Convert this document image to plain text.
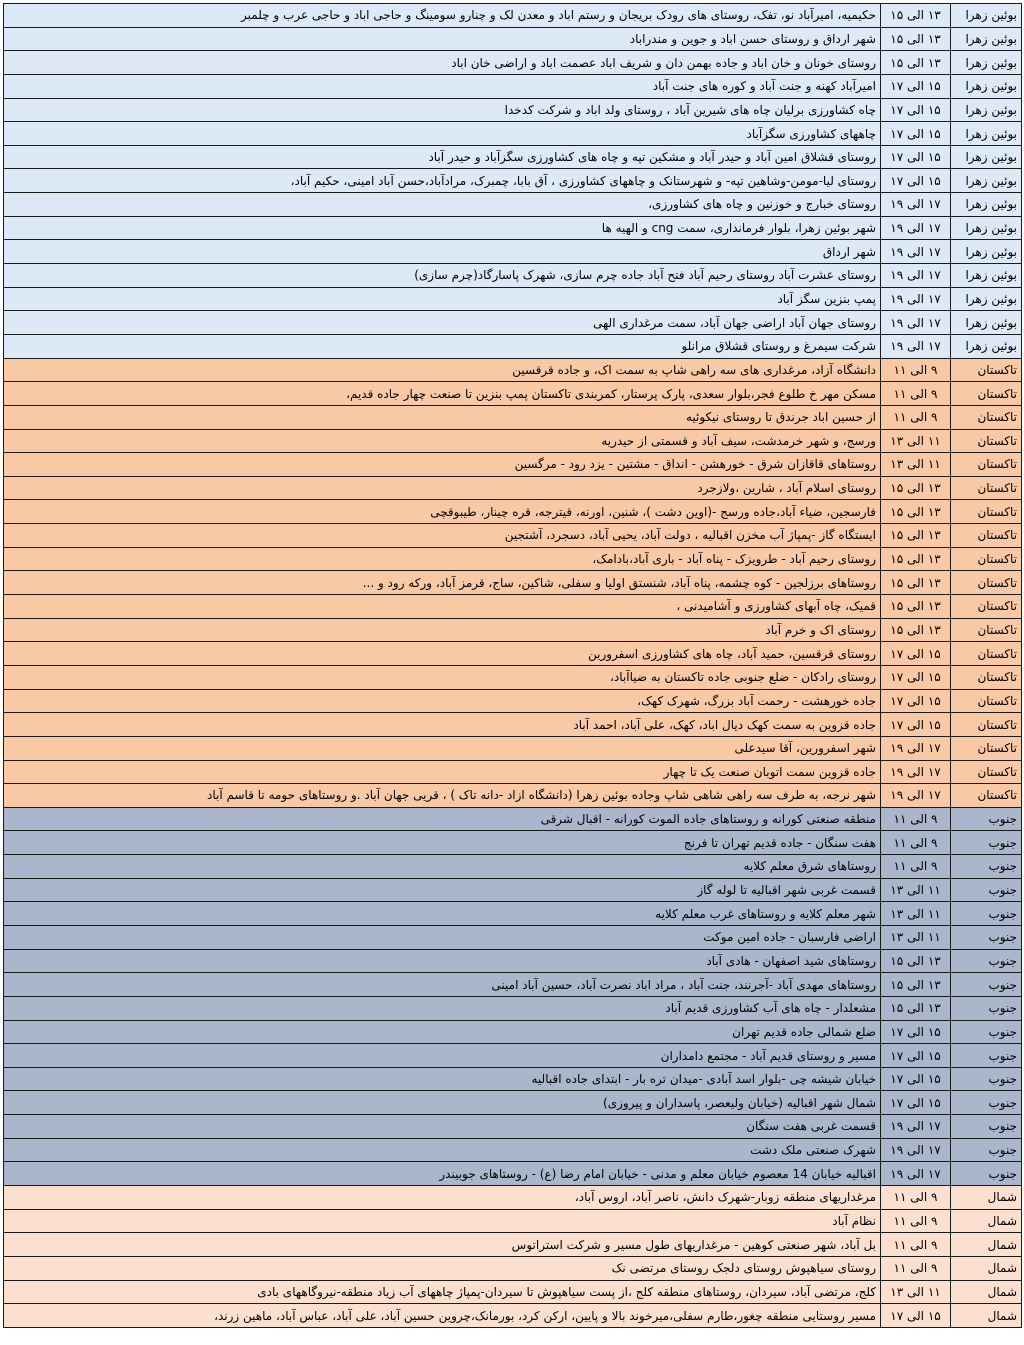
بوئین زهرا	۱۳ الی ۱۵	حکیمیه، امیرآباد نو، تفک، روستای های رودک بریجان و رستم اباد و معدن لک و چنارو سومینگ و حاجی اباد و حاجی عرب و چلمبر
بوئین زهرا	۱۳ الی ۱۵	شهر ارداق و روستای حسن اباد و جوین و مندراباد
بوئین زهرا	۱۳ الی ۱۵	روستای خونان و خان اباد و جاده بهمن دان و شریف اباد عصمت اباد و اراضی خان اباد
بوئین زهرا	۱۵ الی ۱۷	امیرآباد کهنه و جنت آباد و کوره های جنت آباد
بوئین زهرا	۱۵ الی ۱۷	چاه کشاورزی برلیان چاه های شیرین آباد ، روستای ولد اباد و شرکت کدخدا
بوئین زهرا	۱۵ الی ۱۷	چاههای کشاورزی سگزآباد
بوئین زهرا	۱۵ الی ۱۷	روستای قشلاق امین آباد و حیدر آباد و مشکین تپه و چاه های کشاورزی سگزآباد و حیدر آباد
بوئین زهرا	۱۵ الی ۱۷	روستای لیا-مومن-وشاهین تپه- و شهرستانک و چاههای کشاورزی ، آق بابا، چمبرک، مرادآباد،حسن آباد امینی، حکیم آباد،
بوئین زهرا	۱۷ الی ۱۹	روستای خبارج و خوزنین و چاه های کشاورزی،
بوئین زهرا	۱۷ الی ۱۹	شهر بوئین زهرا، بلوار فرمانداری، سمت cng و الهیه ها
بوئین زهرا	۱۷ الی ۱۹	شهر ارداق
بوئین زهرا	۱۷ الی ۱۹	روستای عشرت آباد روستای رحیم آباد فتح آباد جاده چرم سازی، شهرک پاسارگاد(چرم سازی)
بوئین زهرا	۱۷ الی ۱۹	پمپ بنزین سگز آباد
بوئین زهرا	۱۷ الی ۱۹	روستای جهان آباد اراضی جهان آباد، سمت مرغداری الهی
بوئین زهرا	۱۷ الی ۱۹	شرکت سیمرغ و روستای قشلاق مرانلو
تاکستان	۹ الی ۱۱	دانشگاه آزاد، مرغداری های سه راهی شاپ به سمت اک، و جاده قرقسین
تاکستان	۹ الی ۱۱	مسکن مهر خ طلوع فجر،بلوار سعدی، پارک پرستار، کمربندی تاکستان پمپ بنزین تا صنعت چهار جاده قدیم،
تاکستان	۹ الی ۱۱	از حسین اباد جرندق تا روستای نیکوئیه
تاکستان	۱۱ الی ۱۳	ورسج، و شهر خرمدشت، سیف آباد و قسمتی از حیدریه
تاکستان	۱۱ الی ۱۳	روستاهای قاقازان شرق - خورهشن - انداق - مشتین - یزد رود - مرگسین
تاکستان	۱۳ الی ۱۵	روستای اسلام آباد ، شارین ،ولازجرد
تاکستان	۱۳ الی ۱۵	فارسجین، ضیاء آباد،جاده ورسج -(اوین دشت )، شنین، اورنه، قیترجه، قره چینار، طیبوقچی
تاکستان	۱۳ الی ۱۵	ایستگاه گاز -پمپاژ آب مخزن اقبالیه ، دولت آباد، یحیی آباد، دسجرد، آشتجین
تاکستان	۱۳ الی ۱۵	روستای رحیم آباد - طرویزک - پناه آباد - باری آباد،بادامک،
تاکستان	۱۳ الی ۱۵	روستاهای برزلجین - کوه چشمه، پناه آباد، شنستق اولیا و سفلی، شاکین، ساج، قرمز آباد، ورکه رود و ...
تاکستان	۱۳ الی ۱۵	قمیک، چاه آبهای کشاورزی و آشامیدنی ،
تاکستان	۱۳ الی ۱۵	روستای اک و خرم آباد
تاکستان	۱۵ الی ۱۷	روستای قرقسین، حمید آباد، چاه های کشاورزی اسفرورین
تاکستان	۱۵ الی ۱۷	روستای رادکان - ضلع جنوبی جاده تاکستان به ضیاآباد،
تاکستان	۱۵ الی ۱۷	جاده خورهشت - رحمت آباد بزرگ، شهرک کهک،
تاکستان	۱۵ الی ۱۷	جاده قزوین به سمت کهک دیال اباد، کهک، علی آباد، احمد آباد
تاکستان	۱۷ الی ۱۹	شهر اسفرورین، آقا سیدعلی
تاکستان	۱۷ الی ۱۹	جاده قزوین سمت اتوبان صنعت یک تا چهار
تاکستان	۱۷ الی ۱۹	شهر نرجه، به طرف سه راهی شاهی شاپ وجاده بوئین زهرا (دانشگاه ازاد -دانه تاک ) ، قریی جهان آباد .و روستاهای حومه تا قاسم آباد
جنوب	۹ الی ۱۱	منطقه صنعتی کورانه و روستاهای جاده الموت کورانه - اقبال شرقی
جنوب	۹ الی ۱۱	هفت سنگان - جاده قدیم تهران تا فرنج
جنوب	۹ الی ۱۱	روستاهای شرق معلم کلایه
جنوب	۱۱ الی ۱۳	قسمت غربی شهر اقبالیه تا لوله گاز
جنوب	۱۱ الی ۱۳	شهر معلم کلایه و روستاهای غرب معلم کلایه
جنوب	۱۱ الی ۱۳	اراضی فارسبان - جاده امین موکت
جنوب	۱۳ الی ۱۵	روستاهای شید اصفهان - هادی آباد
جنوب	۱۳ الی ۱۵	روستاهای مهدی آباد -آجرنند، جنت آباد ، مراد اباد نصرت آباد، حسین آباد امینی
جنوب	۱۳ الی ۱۵	مشعلدار - چاه های آب کشاورزی قدیم آباد
جنوب	۱۵ الی ۱۷	ضلع شمالی جاده قدیم تهران
جنوب	۱۵ الی ۱۷	مسیر و روستای قدیم آباد - مجتمع دامداران
جنوب	۱۵ الی ۱۷	خیابان شیشه چی -بلوار اسد آبادی -میدان تره بار - ابتدای جاده اقبالیه
جنوب	۱۵ الی ۱۷	شمال شهر اقبالیه (خیابان ولیعصر، پاسداران و پیروزی)
جنوب	۱۷ الی ۱۹	قسمت غربی هفت سنگان
جنوب	۱۷ الی ۱۹	شهرک صنعتی ملک دشت
جنوب	۱۷ الی ۱۹	اقبالیه خیابان 14 معصوم خیابان معلم و مدنی - خیابان امام رضا (ع) - روستاهای جوبیندر
شمال	۹ الی ۱۱	مرغداریهای منطقه زوبار-شهرک دانش، ناصر آباد، اروس آباد،
شمال	۹ الی ۱۱	نظام آباد
شمال	۹ الی ۱۱	بل آباد، شهر صنعتی کوهین - مرغداریهای طول مسیر و شرکت استراتوس
شمال	۹ الی ۱۱	روستای سیاهپوش روستای دلجک روستای مرتضی نک
شمال	۱۱ الی ۱۳	کلج، مرتضی آباد، سیردان، روستاهای منطقه کلج ،از پست سیاهپوش تا سیردان-پمپاژ چاههای آب زیاد منطقه-نیروگاههای بادی
شمال	۱۵ الی ۱۷	مسیر روستایی منطقه چغور،طارم سفلی،میرخوند بالا و پایین، ارکن کرد، بورمانک،چروین حسین آباد، علی آباد، عباس آباد، ماهین زرند،
